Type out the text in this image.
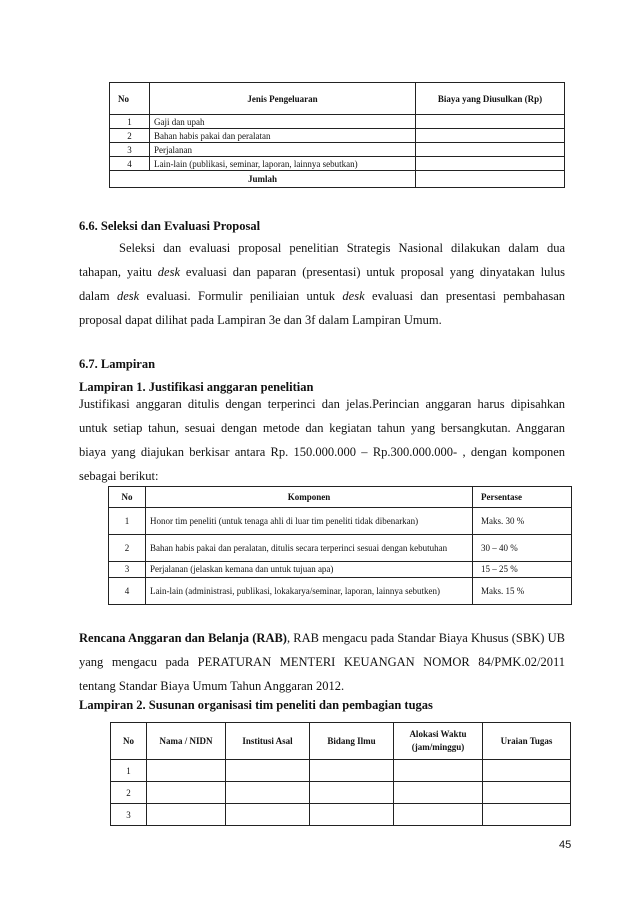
No	Jenis Pengeluaran	Biaya yang Diusulkan (Rp)
1	Gaji dan upah	
2	Bahan habis pakai dan peralatan	
3	Perjalanan	
4	Lain-lain (publikasi, seminar, laporan, lainnya sebutkan)	
Jumlah		

6.6. Seleksi dan Evaluasi Proposal

Seleksi dan evaluasi proposal penelitian Strategis Nasional dilakukan dalam dua tahapan, yaitu desk evaluasi dan paparan (presentasi) untuk proposal yang dinyatakan lulus dalam desk evaluasi. Formulir peniliaian untuk desk evaluasi dan presentasi pembahasan proposal dapat dilihat pada Lampiran 3e dan 3f dalam Lampiran Umum.

6.7. Lampiran

Lampiran 1. Justifikasi anggaran penelitian

Justifikasi anggaran ditulis dengan terperinci dan jelas.Perincian anggaran harus dipisahkan untuk setiap tahun, sesuai dengan metode dan kegiatan tahun yang bersangkutan. Anggaran biaya yang diajukan berkisar antara Rp. 150.000.000 – Rp.300.000.000- , dengan komponen sebagai berikut:

No	Komponen	Persentase
1	Honor tim peneliti (untuk tenaga ahli di luar tim peneliti tidak dibenarkan)	Maks. 30 %
2	Bahan habis pakai dan peralatan, ditulis secara terperinci sesuai dengan kebutuhan	30 – 40 %
3	Perjalanan (jelaskan kemana dan untuk tujuan apa)	15 – 25 %
4	Lain-lain (administrasi, publikasi, lokakarya/seminar, laporan, lainnya sebutken)	Maks. 15 %

Rencana Anggaran dan Belanja (RAB), RAB mengacu pada Standar Biaya Khusus (SBK) UB yang mengacu pada PERATURAN MENTERI KEUANGAN NOMOR 84/PMK.02/2011 tentang Standar Biaya Umum Tahun Anggaran 2012.

Lampiran 2. Susunan organisasi tim peneliti dan pembagian tugas

No	Nama / NIDN	Institusi Asal	Bidang Ilmu	Alokasi Waktu (jam/minggu)	Uraian Tugas
1					
2					
3					
45
